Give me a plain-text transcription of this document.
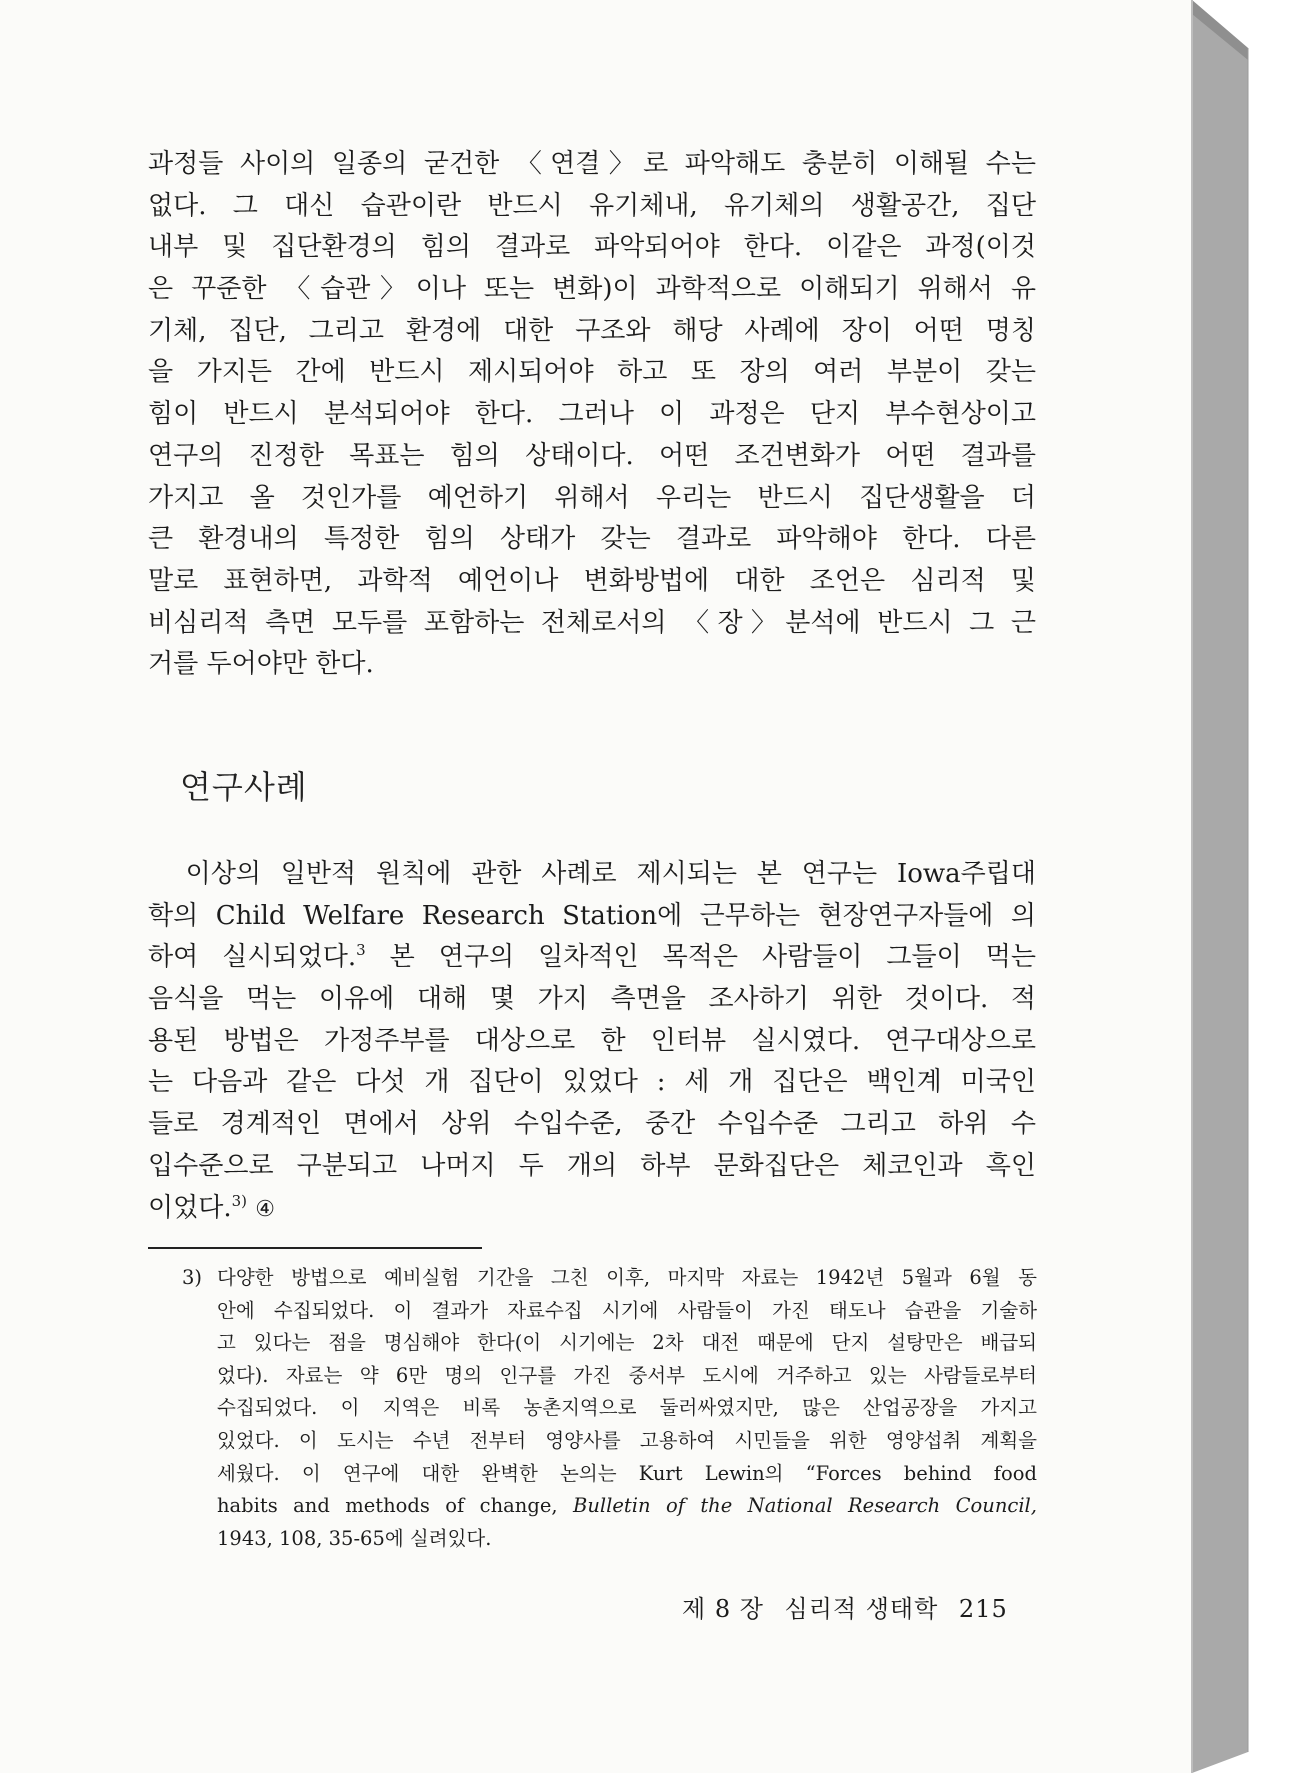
과정들 사이의 일종의 굳건한 〈연결〉로 파악해도 충분히 이해될 수는
없다. 그 대신 습관이란 반드시 유기체내, 유기체의 생활공간, 집단
내부 및 집단환경의 힘의 결과로 파악되어야 한다. 이같은 과정(이것
은 꾸준한 〈습관〉이나 또는 변화)이 과학적으로 이해되기 위해서 유
기체, 집단, 그리고 환경에 대한 구조와 해당 사례에 장이 어떤 명칭
을 가지든 간에 반드시 제시되어야 하고 또 장의 여러 부분이 갖는
힘이 반드시 분석되어야 한다. 그러나 이 과정은 단지 부수현상이고
연구의 진정한 목표는 힘의 상태이다. 어떤 조건변화가 어떤 결과를
가지고 올 것인가를 예언하기 위해서 우리는 반드시 집단생활을 더
큰 환경내의 특정한 힘의 상태가 갖는 결과로 파악해야 한다. 다른
말로 표현하면, 과학적 예언이나 변화방법에 대한 조언은 심리적 및
비심리적 측면 모두를 포함하는 전체로서의 〈장〉분석에 반드시 그 근
거를 두어야만 한다.
연구사례
　이상의 일반적 원칙에 관한 사례로 제시되는 본 연구는 Iowa주립대
학의 Child Welfare Research Station에 근무하는 현장연구자들에 의
하여 실시되었다.$^3$ 본 연구의 일차적인 목적은 사람들이 그들이 먹는
음식을 먹는 이유에 대해 몇 가지 측면을 조사하기 위한 것이다. 적
용된 방법은 가정주부를 대상으로 한 인터뷰 실시였다. 연구대상으로
는 다음과 같은 다섯 개 집단이 있었다 : 세 개 집단은 백인계 미국인
들로 경계적인 면에서 상위 수입수준, 중간 수입수준 그리고 하위 수
입수준으로 구분되고 나머지 두 개의 하부 문화집단은 체코인과 흑인
이었다.$^{3)}$ ④
3) 다양한 방법으로 예비실험 기간을 그친 이후, 마지막 자료는 1942년 5월과 6월 동
안에 수집되었다. 이 결과가 자료수집 시기에 사람들이 가진 태도나 습관을 기술하
고 있다는 점을 명심해야 한다(이 시기에는 2차 대전 때문에 단지 설탕만은 배급되
었다). 자료는 약 6만 명의 인구를 가진 중서부 도시에 거주하고 있는 사람들로부터
수집되었다. 이 지역은 비록 농촌지역으로 둘러싸였지만, 많은 산업공장을 가지고
있었다. 이 도시는 수년 전부터 영양사를 고용하여 시민들을 위한 영양섭취 계획을
세웠다. 이 연구에 대한 완벽한 논의는 Kurt Lewin의 “Forces behind food
habits and methods of change, Bulletin of the National Research Council,
1943, 108, 35-65에 실려있다.
제 8 장 심리적 생태학 215
